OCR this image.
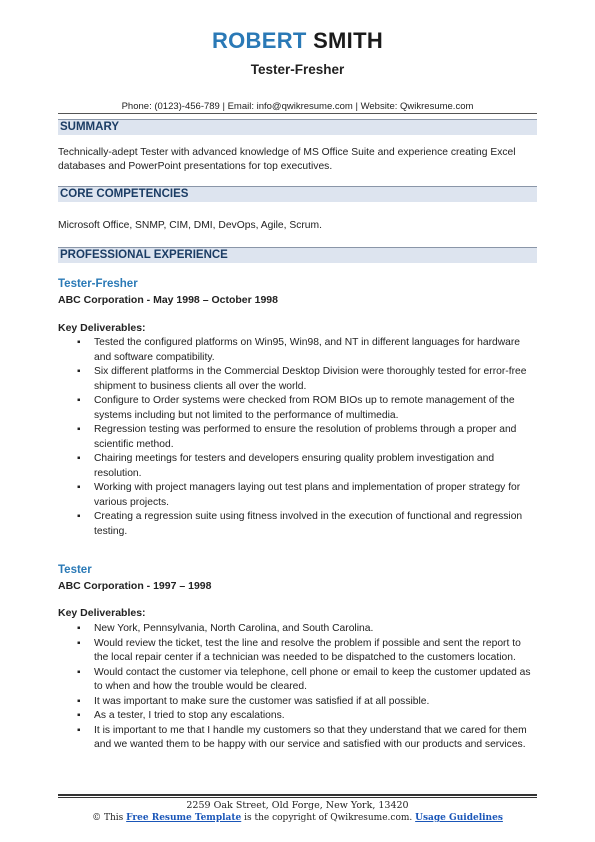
ROBERT SMITH
Tester-Fresher
Phone: (0123)-456-789 | Email: info@qwikresume.com | Website: Qwikresume.com
SUMMARY
Technically-adept Tester with advanced knowledge of MS Office Suite and experience creating Excel databases and PowerPoint presentations for top executives.
CORE COMPETENCIES
Microsoft Office, SNMP, CIM, DMI, DevOps, Agile, Scrum.
PROFESSIONAL EXPERIENCE
Tester-Fresher
ABC Corporation - May 1998 – October 1998
Key Deliverables:
▪ Tested the configured platforms on Win95, Win98, and NT in different languages for hardware and software compatibility.
▪ Six different platforms in the Commercial Desktop Division were thoroughly tested for error-free shipment to business clients all over the world.
▪ Configure to Order systems were checked from ROM BIOs up to remote management of the systems including but not limited to the performance of multimedia.
▪ Regression testing was performed to ensure the resolution of problems through a proper and scientific method.
▪ Chairing meetings for testers and developers ensuring quality problem investigation and resolution.
▪ Working with project managers laying out test plans and implementation of proper strategy for various projects.
▪ Creating a regression suite using fitness involved in the execution of functional and regression testing.
Tester
ABC Corporation - 1997 – 1998
Key Deliverables:
▪ New York, Pennsylvania, North Carolina, and South Carolina.
▪ Would review the ticket, test the line and resolve the problem if possible and sent the report to the local repair center if a technician was needed to be dispatched to the customers location.
▪ Would contact the customer via telephone, cell phone or email to keep the customer updated as to when and how the trouble would be cleared.
▪ It was important to make sure the customer was satisfied if at all possible.
▪ As a tester, I tried to stop any escalations.
▪ It is important to me that I handle my customers so that they understand that we cared for them and we wanted them to be happy with our service and satisfied with our products and services.
2259 Oak Street, Old Forge, New York, 13420
© This Free Resume Template is the copyright of Qwikresume.com. Usage Guidelines
